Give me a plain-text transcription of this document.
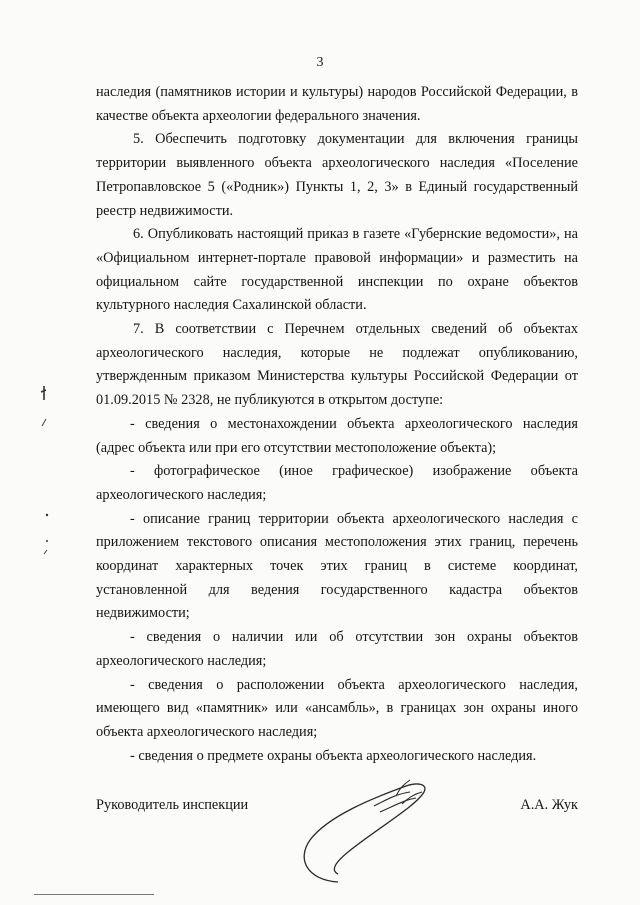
3

наследия (памятников истории и культуры) народов Российской Федерации, в качестве объекта археологии федерального значения.

5. Обеспечить подготовку документации для включения границы территории выявленного объекта археологического наследия «Поселение Петропавловское 5 («Родник») Пункты 1, 2, 3» в Единый государственный реестр недвижимости.

6. Опубликовать настоящий приказ в газете «Губернские ведомости», на «Официальном интернет-портале правовой информации» и разместить на официальном сайте государственной инспекции по охране объектов культурного наследия Сахалинской области.

7. В соответствии с Перечнем отдельных сведений об объектах археологического наследия, которые не подлежат опубликованию, утвержденным приказом Министерства культуры Российской Федерации от 01.09.2015 № 2328, не публикуются в открытом доступе:

- сведения о местонахождении объекта археологического наследия (адрес объекта или при его отсутствии местоположение объекта);

- фотографическое (иное графическое) изображение объекта археологического наследия;

- описание границ территории объекта археологического наследия с приложением текстового описания местоположения этих границ, перечень координат характерных точек этих границ в системе координат, установленной для ведения государственного кадастра объектов недвижимости;

- сведения о наличии или об отсутствии зон охраны объектов археологического наследия;

- сведения о расположении объекта археологического наследия, имеющего вид «памятник» или «ансамбль», в границах зон охраны иного объекта археологического наследия;

- сведения о предмете охраны объекта археологического наследия.

Руководитель инспекции	А.А. Жук
